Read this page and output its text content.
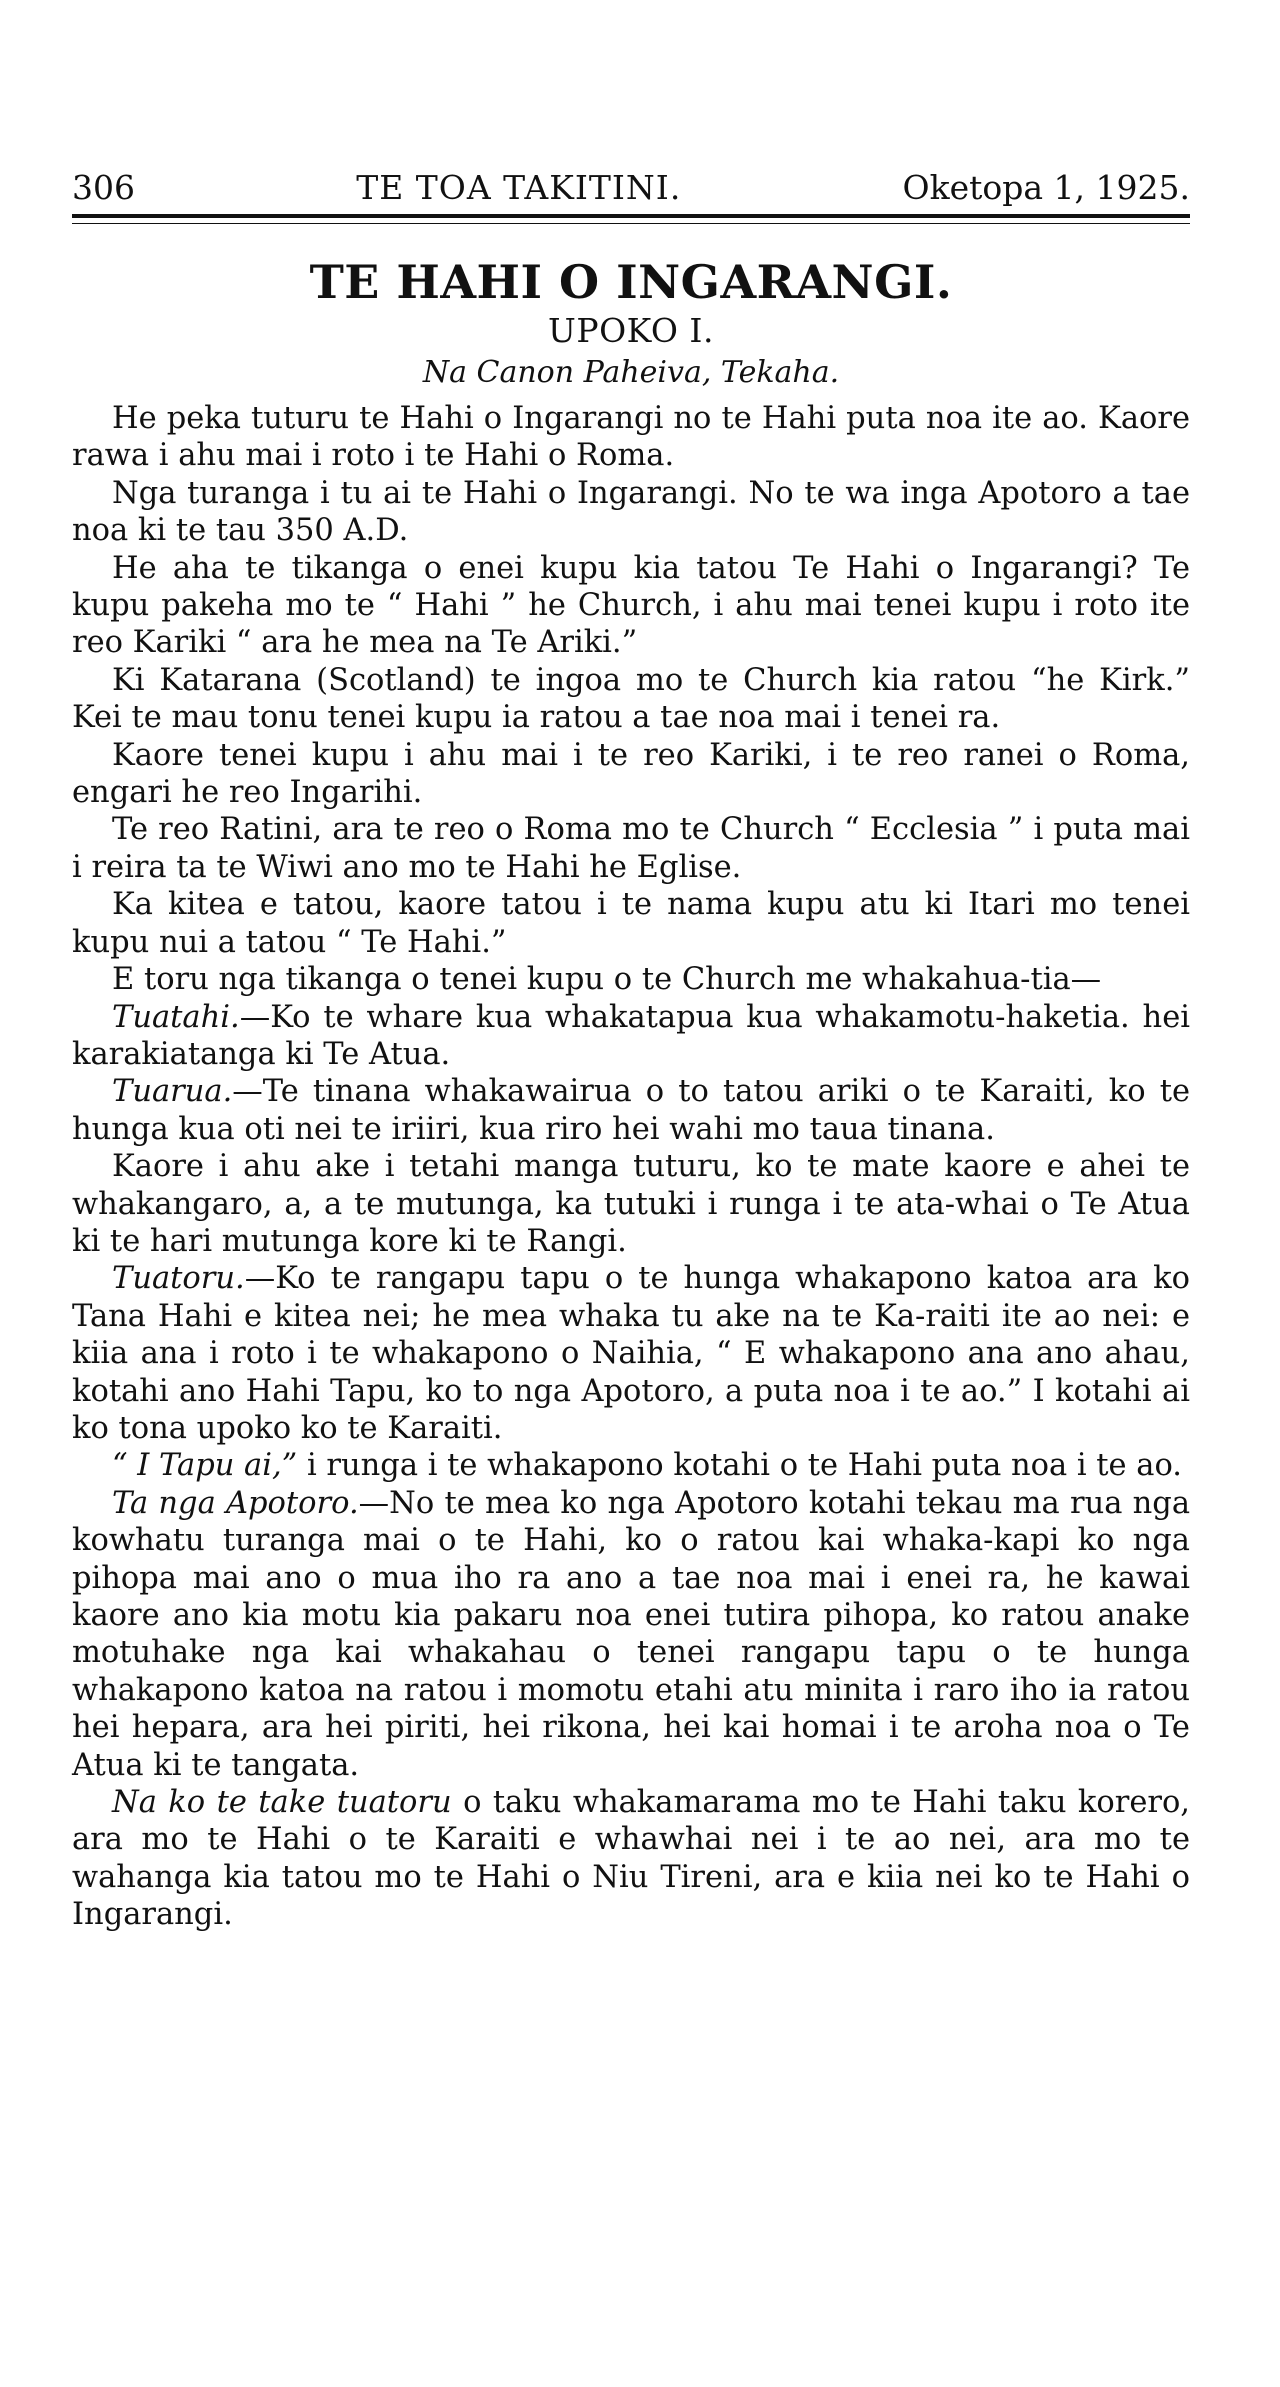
306	TE TOA TAKITINI.	Oketopa 1, 1925.
TE HAHI O INGARANGI.
UPOKO I.
Na Canon Paheiva, Tekaha.

He peka tuturu te Hahi o Ingarangi no te Hahi puta noa ite ao. Kaore rawa i ahu mai i roto i te Hahi o Roma.

Nga turanga i tu ai te Hahi o Ingarangi. No te wa inga Apotoro a tae noa ki te tau 350 A.D.

He aha te tikanga o enei kupu kia tatou Te Hahi o Ingarangi? Te kupu pakeha mo te “ Hahi ” he Church, i ahu mai tenei kupu i roto ite reo Kariki “ ara he mea na Te Ariki.”

Ki Katarana (Scotland) te ingoa mo te Church kia ratou “he Kirk.” Kei te mau tonu tenei kupu ia ratou a tae noa mai i tenei ra.

Kaore tenei kupu i ahu mai i te reo Kariki, i te reo ranei o Roma, engari he reo Ingarihi.

Te reo Ratini, ara te reo o Roma mo te Church “ Ecclesia ” i puta mai i reira ta te Wiwi ano mo te Hahi he Eglise.

Ka kitea e tatou, kaore tatou i te nama kupu atu ki Itari mo tenei kupu nui a tatou “ Te Hahi.”

E toru nga tikanga o tenei kupu o te Church me whakahua-tia—

Tuatahi.—Ko te whare kua whakatapua kua whakamotu-haketia. hei karakiatanga ki Te Atua.

Tuarua.—Te tinana whakawairua o to tatou ariki o te Karaiti, ko te hunga kua oti nei te iriiri, kua riro hei wahi mo taua tinana.

Kaore i ahu ake i tetahi manga tuturu, ko te mate kaore e ahei te whakangaro, a, a te mutunga, ka tutuki i runga i te ata-whai o Te Atua ki te hari mutunga kore ki te Rangi.

Tuatoru.—Ko te rangapu tapu o te hunga whakapono katoa ara ko Tana Hahi e kitea nei; he mea whaka tu ake na te Ka-raiti ite ao nei: e kiia ana i roto i te whakapono o Naihia, “ E whakapono ana ano ahau, kotahi ano Hahi Tapu, ko to nga Apotoro, a puta noa i te ao.” I kotahi ai ko tona upoko ko te Karaiti.

“ I Tapu ai,” i runga i te whakapono kotahi o te Hahi puta noa i te ao.

Ta nga Apotoro.—No te mea ko nga Apotoro kotahi tekau ma rua nga kowhatu turanga mai o te Hahi, ko o ratou kai whaka-kapi ko nga pihopa mai ano o mua iho ra ano a tae noa mai i enei ra, he kawai kaore ano kia motu kia pakaru noa enei tutira pihopa, ko ratou anake motuhake nga kai whakahau o tenei rangapu tapu o te hunga whakapono katoa na ratou i momotu etahi atu minita i raro iho ia ratou hei hepara, ara hei piriti, hei rikona, hei kai homai i te aroha noa o Te Atua ki te tangata.

Na ko te take tuatoru o taku whakamarama mo te Hahi taku korero, ara mo te Hahi o te Karaiti e whawhai nei i te ao nei, ara mo te wahanga kia tatou mo te Hahi o Niu Tireni, ara e kiia nei ko te Hahi o Ingarangi.
